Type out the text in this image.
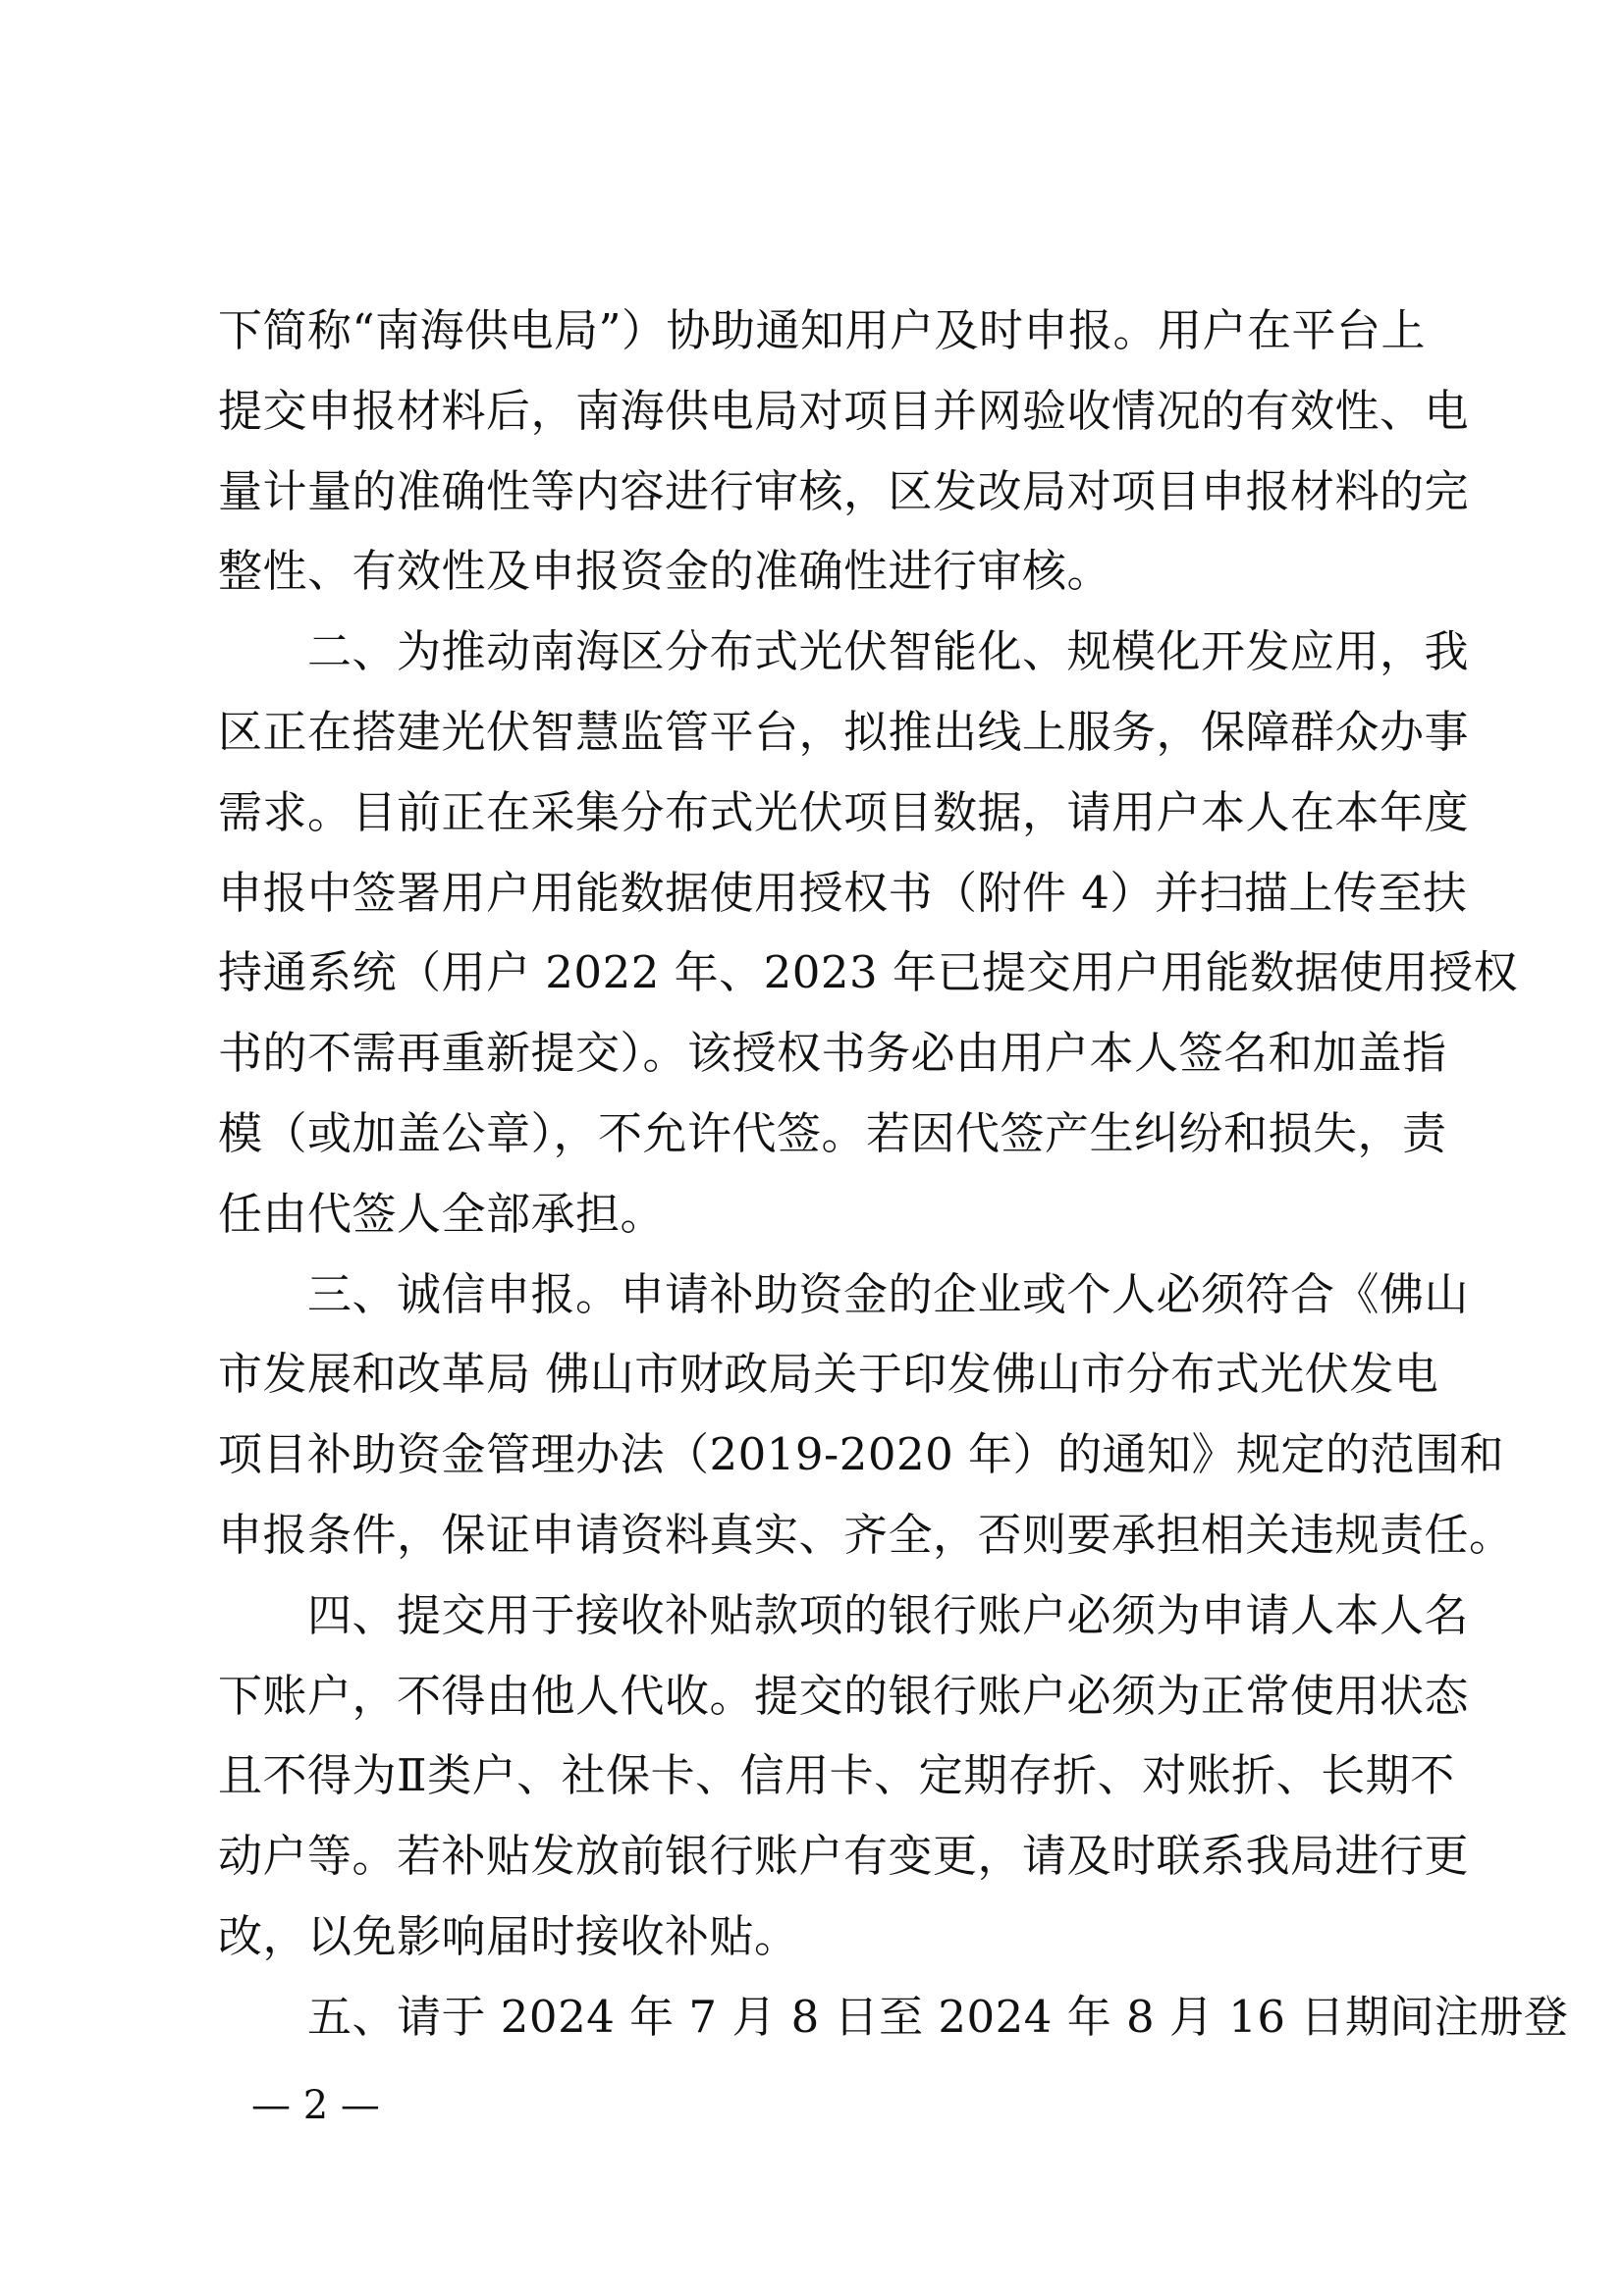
下简称“南海供电局”）协助通知用户及时申报。用户在平台上
提交申报材料后，南海供电局对项目并网验收情况的有效性、电
量计量的准确性等内容进行审核，区发改局对项目申报材料的完
整性、有效性及申报资金的准确性进行审核。
　　二、为推动南海区分布式光伏智能化、规模化开发应用，我
区正在搭建光伏智慧监管平台，拟推出线上服务，保障群众办事
需求。目前正在采集分布式光伏项目数据，请用户本人在本年度
申报中签署用户用能数据使用授权书（附件 4）并扫描上传至扶
持通系统（用户 2022 年、2023 年已提交用户用能数据使用授权
书的不需再重新提交）。该授权书务必由用户本人签名和加盖指
模（或加盖公章），不允许代签。若因代签产生纠纷和损失，责
任由代签人全部承担。
　　三、诚信申报。申请补助资金的企业或个人必须符合《佛山
市发展和改革局 佛山市财政局关于印发佛山市分布式光伏发电
项目补助资金管理办法（2019-2020 年）的通知》规定的范围和
申报条件，保证申请资料真实、齐全，否则要承担相关违规责任。
　　四、提交用于接收补贴款项的银行账户必须为申请人本人名
下账户，不得由他人代收。提交的银行账户必须为正常使用状态
且不得为Ⅱ类户、社保卡、信用卡、定期存折、对账折、长期不
动户等。若补贴发放前银行账户有变更，请及时联系我局进行更
改，以免影响届时接收补贴。
　　五、请于 2024 年 7 月 8 日至 2024 年 8 月 16 日期间注册登
— 2 —
